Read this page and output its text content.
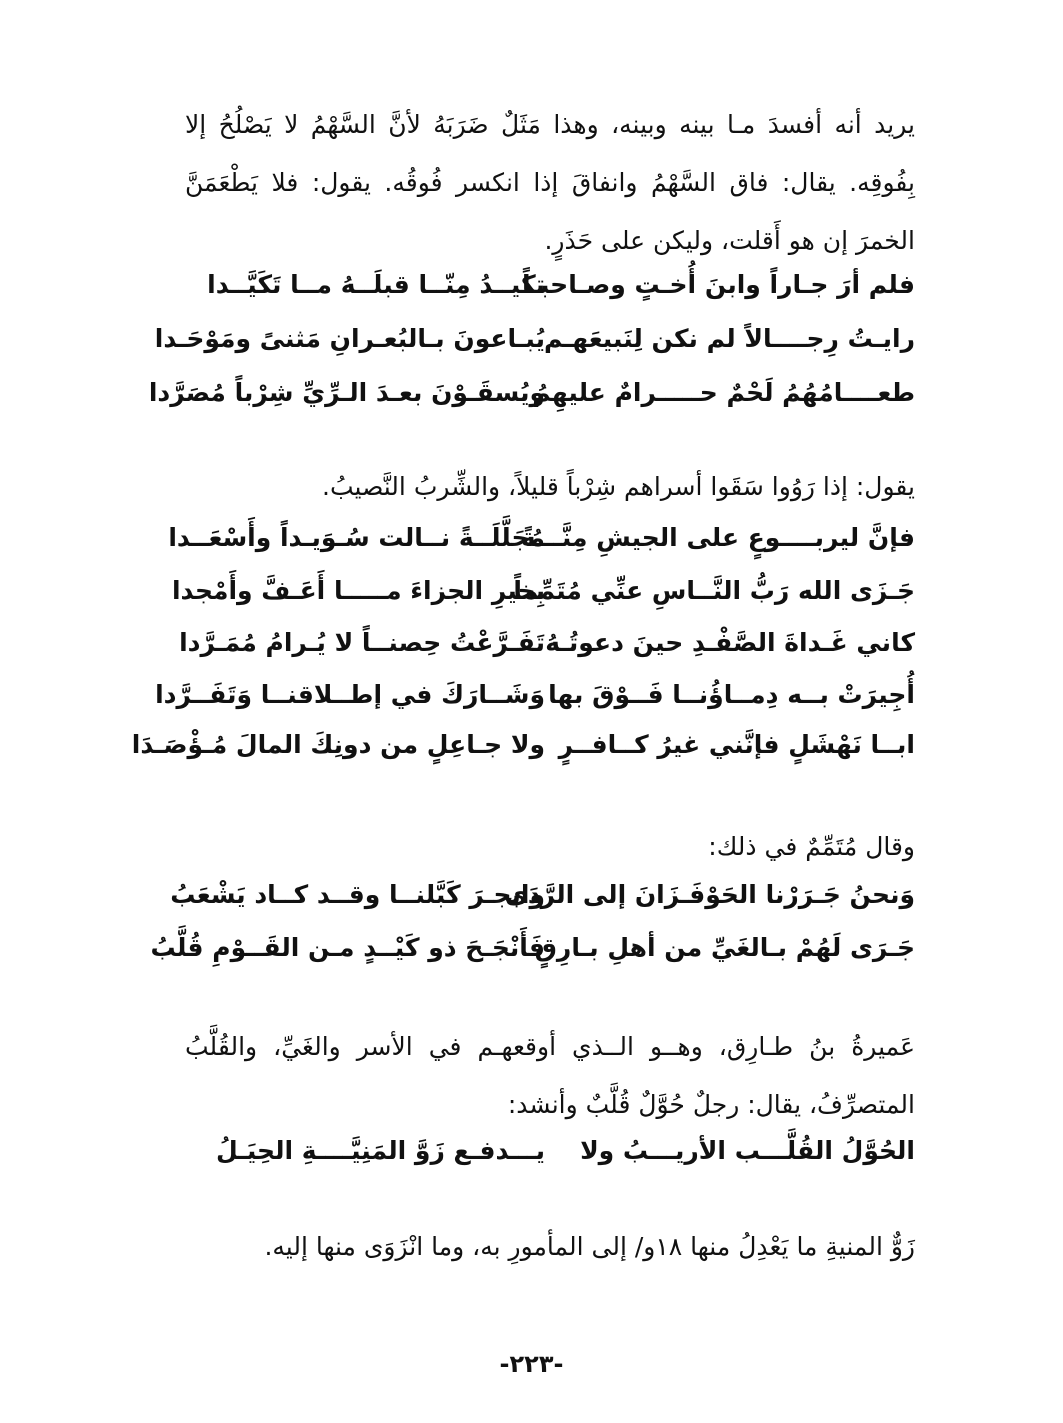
يريد أنه أفسدَ مـا بينه وبينه، وهذا مَثَلٌ ضَرَبَهُ لأنَّ السَّهْمُ لا يَصْلُحُ إلا بِفُوقِه. يقال: فاق السَّهْمُ وانفاقَ إذا انكسر فُوقُه. يقول: فلا يَطْعَمَنَّ الخمرَ إن هو أَقلت، وليكن على حَذَرٍ.

فلم أرَ جـاراً وابنَ أُخـتٍ وصـاحبـاً
تكيــدُ مِنّــا قبلَــهُ مــا تَكَيَّــدا
رايـتُ رِجــــالاً لم نكن لِنَبيعَهـم
يُبـاعونَ بـالبُعـرانِ مَثنىً ومَوْحَـدا
طعــــامُهُمُ لَحْمٌ حـــــرامٌ عليهِمُ
ويُسقَـوْنَ بعـدَ الـرِّيِّ شِرْباً مُصَرَّدا

يقول: إذا رَوُوا سَقَوا أسراهم شِرْباً قليلاً، والشِّربُ النَّصيبُ.

فإنَّ ليربــــوعٍ على الجيشِ مِنَّـــةً
مُجَلَّلَــةً نــالت سُـوَيـداً وأَسْعَــدا
جَـزَى الله رَبُّ النَّــاسِ عنِّي مُتَمِّماً
بِخيرِ الجزاءَ مـــــا أَعَـفَّ وأَمْجدا
كاني غَـداةَ الصَّفْـدِ حينَ دعوتُـهُ
تَفَـرَّعْتُ حِصنــاً لا يُـرامُ مُمَـرَّدا
أُجِيرَتْ بــه دِمــاؤُنــا فَــوْقَ بها
وَشَــارَكَ في إطــلاقنــا وَتَفَــرَّدا
ابــا نَهْشَلٍ فإنَّني غيرُ كــافــرٍ
ولا جـاعِلٍ من دونِكَ المالَ مُـؤْصَـدَا

وقال مُتَمِّمٌ في ذلك:

وَنحنُ جَـرَرْنا الحَوْفَـزَانَ إلى الرَّدَى
وابجـرَ كَبَّلنــا وقــد كــاد يَشْعَبُ
جَـرَى لَهُمْ بـالغَيِّ من أهلِ بـارِقٍ
فَأَنْجَـحَ ذو كَيْــدٍ مـن القَــوْمِ قُلَّبُ

عَميرةُ بنُ طـارِق، وهــو الــذي أوقعهـم في الأسر والغَيِّ، والقُلَّبُ المتصرِّفُ، يقال: رجلٌ حُوَّلٌ قُلَّبٌ وأنشد:

الحُوَّلُ القُلَّـــب الأريـــبُ ولا
يـــدفـع زَوَّ المَنِيَّــــةِ الحِيَـلُ

زَوٌّ المنيةِ ما يَعْدِلُ منها ١٨و/ إلى المأمورِ به، وما انْزَوَى منها إليه.

-٢٢٣-
